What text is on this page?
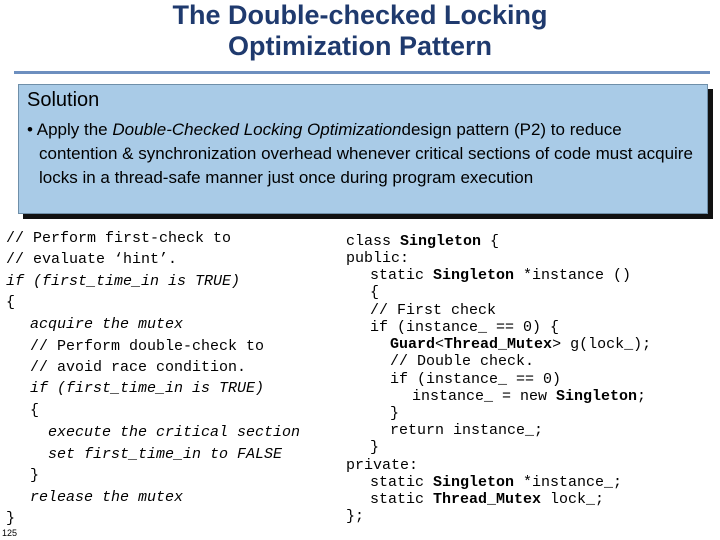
The Double-checked Locking
Optimization Pattern
Solution
• Apply the Double-Checked Locking Optimizationdesign pattern (P2) to reduce contention & synchronization overhead whenever critical sections of code must acquire locks in a thread-safe manner just once during program execution
// Perform first-check to
// evaluate ‘hint’.
if (first_time_in is TRUE)
{
acquire the mutex
// Perform double-check to
// avoid race condition.
if (first_time_in is TRUE)
{
execute the critical section
set first_time_in to FALSE
}
release the mutex
}
class Singleton {
public:
static Singleton *instance ()
{
// First check
if (instance_ == 0) {
Guard<Thread_Mutex> g(lock_);
// Double check.
if (instance_ == 0)
instance_ = new Singleton;
}
return instance_;
}
private:
static Singleton *instance_;
static Thread_Mutex lock_;
};
125
